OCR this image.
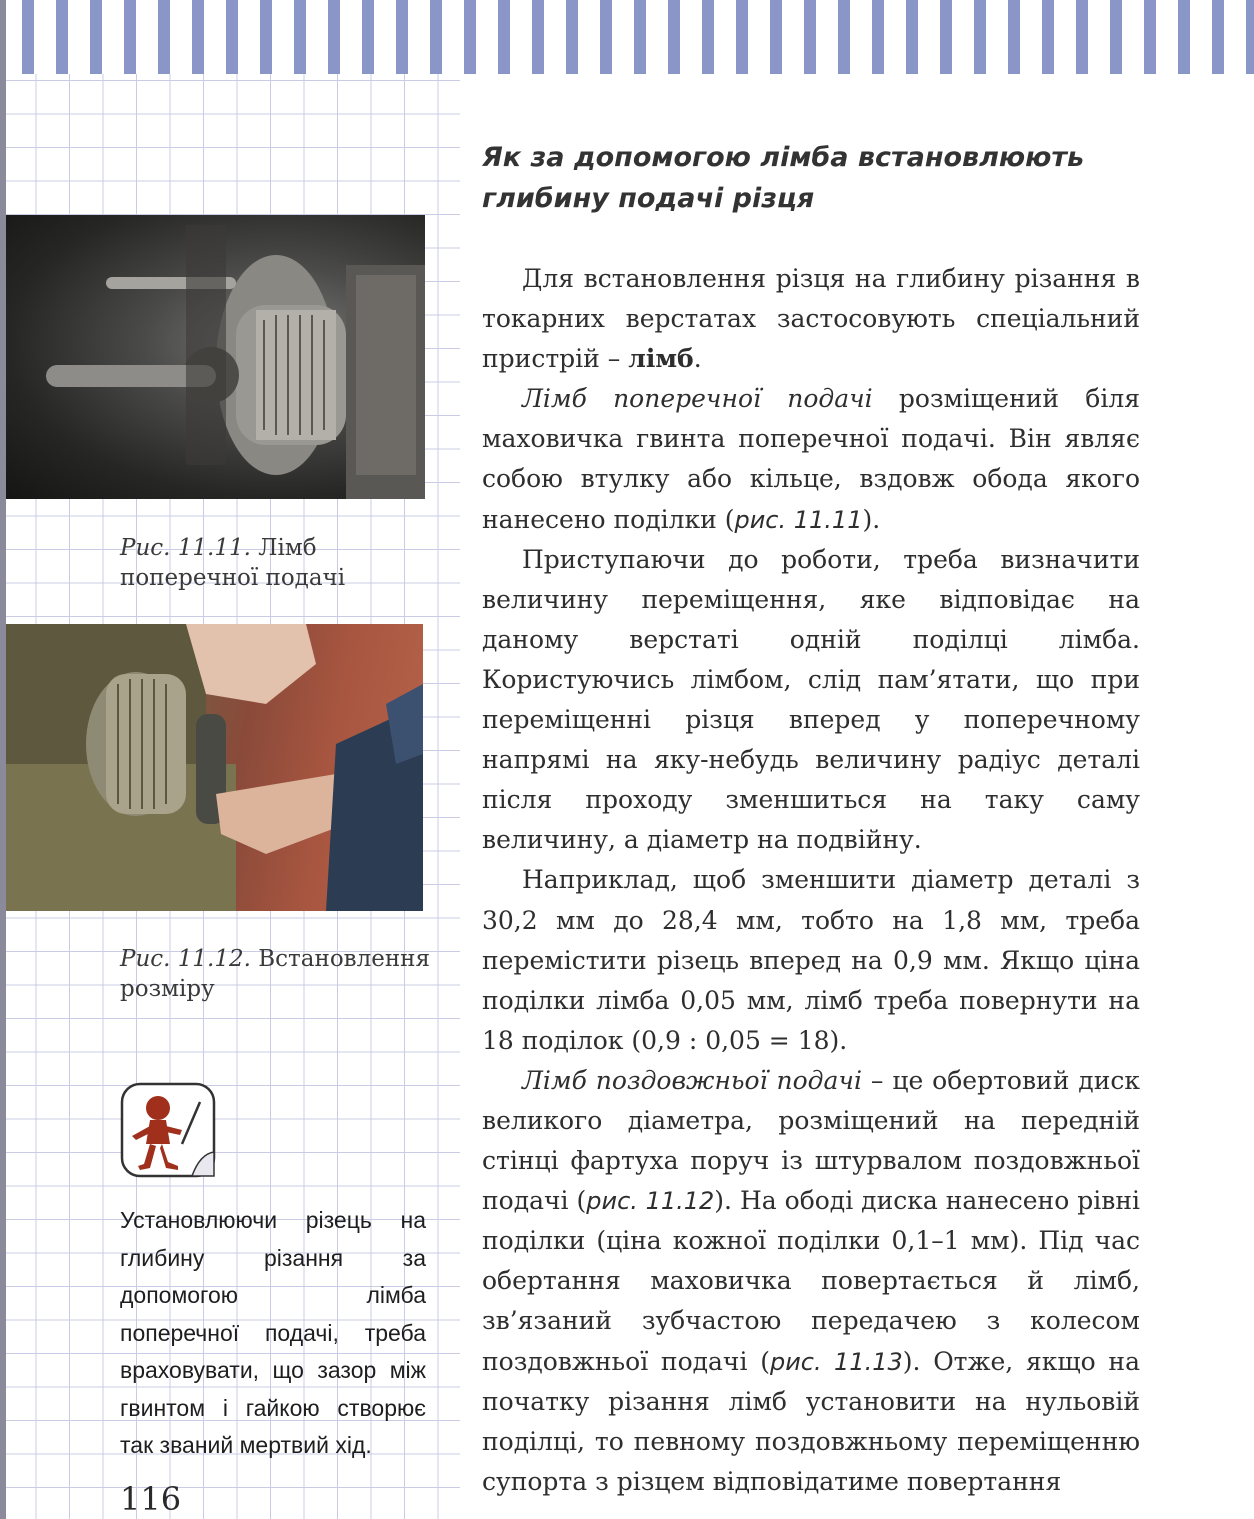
Рис. 11.11. Лімб поперечної подачі
Рис. 11.12. Встановлення розміру
Установлюючи різець на глибину різання за допомогою лімба поперечної подачі, треба враховувати, що зазор між гвинтом і гайкою створює так званий мертвий хід.
116
Як за допомогою лімба встановлюють
глибину подачі різця

Для встановлення різця на глибину різання в токарних верстатах застосовують спеціальний пристрій – лімб.

Лімб поперечної подачі розміщений біля маховичка гвинта поперечної подачі. Він являє собою втулку або кільце, вздовж обода якого нанесено поділки (рис. 11.11).

Приступаючи до роботи, треба визначити величину переміщення, яке відповідає на даному верстаті одній поділці лімба. Користуючись лімбом, слід пам’ятати, що при переміщенні різця вперед у поперечному напрямі на яку-небудь величину радіус деталі після проходу зменшиться на таку саму величину, а діаметр на подвійну.

Наприклад, щоб зменшити діаметр деталі з 30,2 мм до 28,4 мм, тобто на 1,8 мм, треба перемістити різець вперед на 0,9 мм. Якщо ціна поділки лімба 0,05 мм, лімб треба повернути на 18 поділок (0,9 : 0,05 = 18).

Лімб поздовжньої подачі – це обертовий диск великого діаметра, розміщений на передній стінці фартуха поруч із штурвалом поздовжньої подачі (рис. 11.12). На ободі диска нанесено рівні поділки (ціна кожної поділки 0,1–1 мм). Під час обертання маховичка повертається й лімб, зв’язаний зубчастою передачею з колесом поздовжньої подачі (рис. 11.13). Отже, якщо на початку різання лімб установити на нульовій поділці, то певному поздовжньому переміщенню супорта з різцем відповідатиме повертання
